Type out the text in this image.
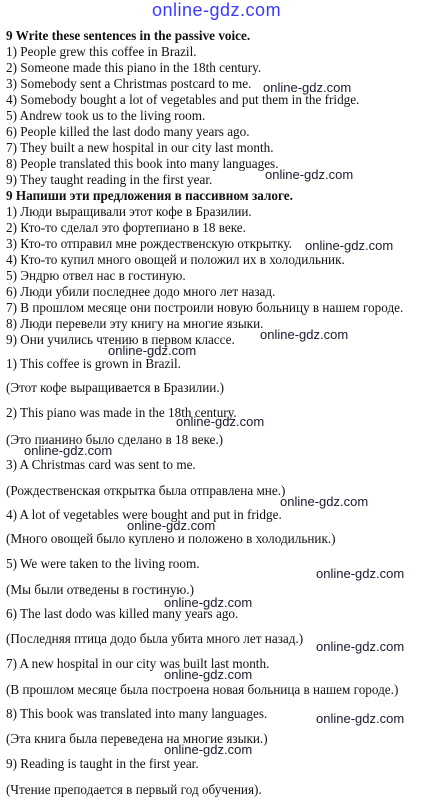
online-gdz.com
9 Write these sentences in the passive voice.
1) People grew this coffee in Brazil.
2) Someone made this piano in the 18th century.
3) Somebody sent a Christmas postcard to me.
4) Somebody bought a lot of vegetables and put them in the fridge.
5) Andrew took us to the living room.
6) People killed the last dodo many years ago.
7) They built a new hospital in our city last month.
8) People translated this book into many languages.
9) They taught reading in the first year.
9 Напиши эти предложения в пассивном залоге.
1) Люди выращивали этот кофе в Бразилии.
2) Кто-то сделал это фортепиано в 18 веке.
3) Кто-то отправил мне рождественскую открытку.
4) Кто-то купил много овощей и положил их в холодильник.
5) Эндрю отвел нас в гостиную.
6) Люди убили последнее додо много лет назад.
7) В прошлом месяце они построили новую больницу в нашем городе.
8) Люди перевели эту книгу на многие языки.
9) Они учились чтению в первом классе.
1) This coffee is grown in Brazil.
(Этот кофе выращивается в Бразилии.)
2) This piano was made in the 18th century.
(Это пианино было сделано в 18 веке.)
3) A Christmas card was sent to me.
(Рождественская открытка была отправлена мне.)
4) A lot of vegetables were bought and put in fridge.
(Много овощей было куплено и положено в холодильник.)
5) We were taken to the living room.
(Мы были отведены в гостиную.)
6) The last dodo was killed many years ago.
(Последняя птица додо была убита много лет назад.)
7) A new hospital in our city was built last month.
(В прошлом месяце была построена новая больница в нашем городе.)
8) This book was translated into many languages.
(Эта книга была переведена на многие языки.)
9) Reading is taught in the first year.
(Чтение преподается в первый год обучения).
online-gdz.com
online-gdz.com
online-gdz.com
online-gdz.com
online-gdz.com
online-gdz.com
online-gdz.com
online-gdz.com
online-gdz.com
online-gdz.com
online-gdz.com
online-gdz.com
online-gdz.com
online-gdz.com
online-gdz.com
